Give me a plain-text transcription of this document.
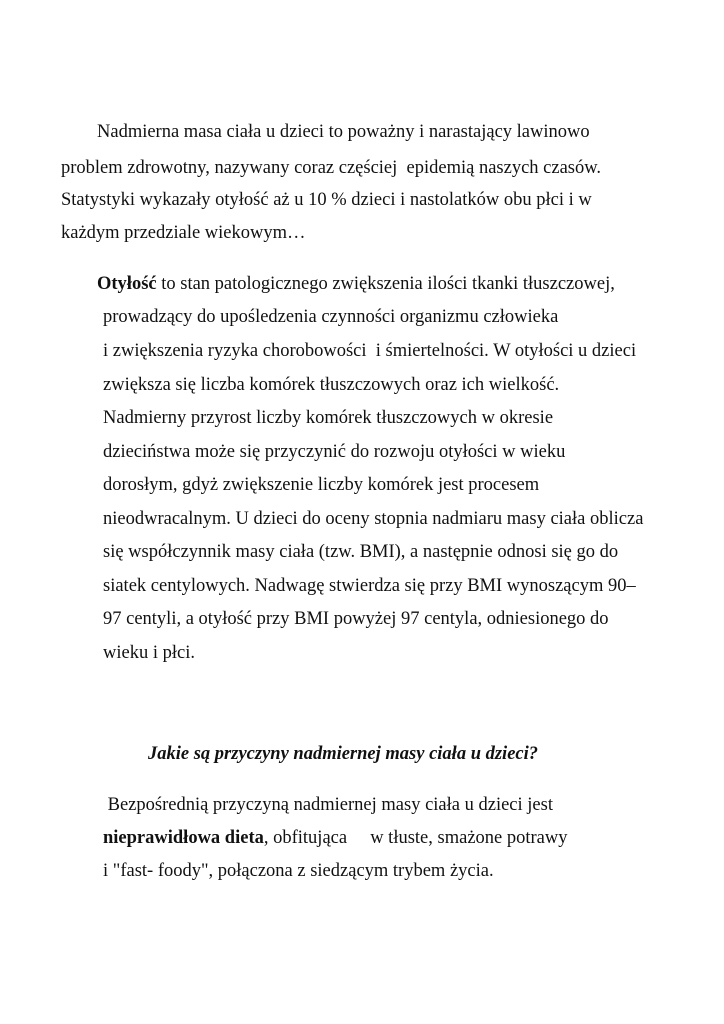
Nadmierna masa ciała u dzieci to poważny i narastający lawinowo
problem zdrowotny, nazywany coraz częściej  epidemią naszych czasów.
Statystyki wykazały otyłość aż u 10 % dzieci i nastolatków obu płci i w
każdym przedziale wiekowym…
Otyłość to stan patologicznego zwiększenia ilości tkanki tłuszczowej,
prowadzący do upośledzenia czynności organizmu człowieka
i zwiększenia ryzyka chorobowości  i śmiertelności. W otyłości u dzieci
zwiększa się liczba komórek tłuszczowych oraz ich wielkość.
Nadmierny przyrost liczby komórek tłuszczowych w okresie
dzieciństwa może się przyczynić do rozwoju otyłości w wieku
dorosłym, gdyż zwiększenie liczby komórek jest procesem
nieodwracalnym. U dzieci do oceny stopnia nadmiaru masy ciała oblicza
się współczynnik masy ciała (tzw. BMI), a następnie odnosi się go do
siatek centylowych. Nadwagę stwierdza się przy BMI wynoszącym 90–
97 centyli, a otyłość przy BMI powyżej 97 centyla, odniesionego do
wieku i płci.
Jakie są przyczyny nadmiernej masy ciała u dzieci?
Bezpośrednią przyczyną nadmiernej masy ciała u dzieci jest
nieprawidłowa dieta, obfitująca     w tłuste, smażone potrawy
i "fast- foody", połączona z siedzącym trybem życia.
